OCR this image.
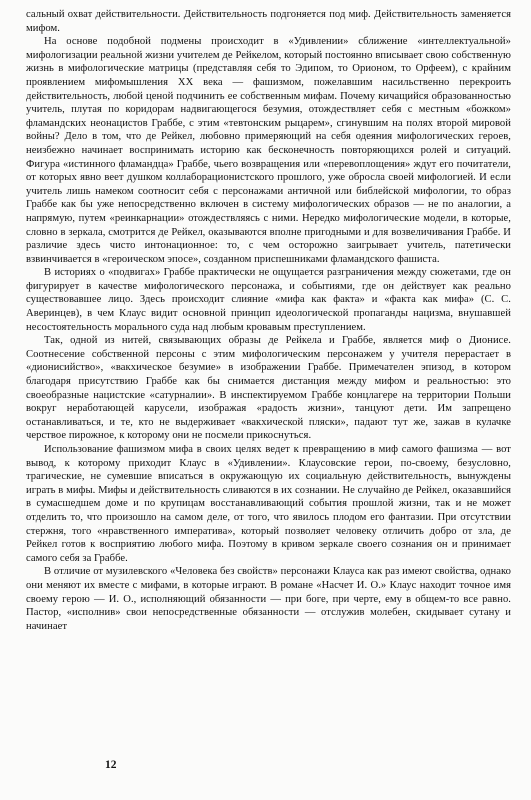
сальный охват действительности. Действительность подгоняется под миф. Действительность заменяется мифом.

На основе подобной подмены происходит в «Удивлении» сближение «интеллектуальной» мифологизации реальной жизни учителем де Рейкелом, который постоянно вписывает свою собственную жизнь в мифологические матрицы (представляя себя то Эдипом, то Орионом, то Орфеем), с крайним проявлением мифомышления XX века — фашизмом, пожелавшим насильственно перекроить действительность, любой ценой подчинить ее собственным мифам. Почему кичащийся образованностью учитель, плутая по коридорам надвигающегося безумия, отождествляет себя с местным «божком» фламандских неонацистов Граббе, с этим «тевтонским рыцарем», сгинувшим на полях второй мировой войны? Дело в том, что де Рейкел, любовно примеряющий на себя одеяния мифологических героев, неизбежно начинает воспринимать историю как бесконечность повторяющихся ролей и ситуаций. Фигура «истинного фламандца» Граббе, чьего возвращения или «перевоплощения» ждут его почитатели, от которых явно веет душком коллаборационистского прошлого, уже обросла своей мифологией. И если учитель лишь намеком соотносит себя с персонажами античной или библейской мифологии, то образ Граббе как бы уже непосредственно включен в систему мифологических образов — не по аналогии, а напрямую, путем «реинкарнации» отождествляясь с ними. Нередко мифологические модели, в которые, словно в зеркала, смотрится де Рейкел, оказываются вполне пригодными и для возвеличивания Граббе. И различие здесь чисто интонационное: то, с чем осторожно заигрывает учитель, патетически взвинчивается в «героическом эпосе», созданном приспешниками фламандского фашиста.

В историях о «подвигах» Граббе практически не ощущается разграничения между сюжетами, где он фигурирует в качестве мифологического персонажа, и событиями, где он действует как реально существовавшее лицо. Здесь происходит слияние «мифа как факта» и «факта как мифа» (С. С. Аверинцев), в чем Клаус видит основной принцип идеологической пропаганды нацизма, внушавшей несостоятельность морального суда над любым кровавым преступлением.

Так, одной из нитей, связывающих образы де Рейкела и Граббе, является миф о Дионисе. Соотнесение собственной персоны с этим мифологическим персонажем у учителя перерастает в «дионисийство», «вакхическое безумие» в изображении Граббе. Примечателен эпизод, в котором благодаря присутствию Граббе как бы снимается дистанция между мифом и реальностью: это своеобразные нацистские «сатурналии». В инспектируемом Граббе концлагере на территории Польши вокруг неработающей карусели, изображая «радость жизни», танцуют дети. Им запрещено останавливаться, и те, кто не выдерживает «вакхической пляски», падают тут же, зажав в кулачке черствое пирожное, к которому они не посмели прикоснуться.

Использование фашизмом мифа в своих целях ведет к превращению в миф самого фашизма — вот вывод, к которому приходит Клаус в «Удивлении». Клаусовские герои, по-своему, безусловно, трагические, не сумевшие вписаться в окружающую их социальную действительность, вынуждены играть в мифы. Мифы и действительность сливаются в их сознании. Не случайно де Рейкел, оказавшийся в сумасшедшем доме и по крупицам восстанавливающий события прошлой жизни, так и не может отделить то, что произошло на самом деле, от того, что явилось плодом его фантазии. При отсутствии стержня, того «нравственного императива», который позволяет человеку отличить добро от зла, де Рейкел готов к восприятию любого мифа. Поэтому в кривом зеркале своего сознания он и принимает самого себя за Граббе.

В отличие от музилевского «Человека без свойств» персонажи Клауса как раз имеют свойства, однако они меняют их вместе с мифами, в которые играют. В романе «Насчет И. О.» Клаус находит точное имя своему герою — И. О., исполняющий обязанности — при боге, при черте, ему в общем-то все равно. Пастор, «исполнив» свои непосредственные обязанности — отслужив молебен, скидывает сутану и начинает

12
